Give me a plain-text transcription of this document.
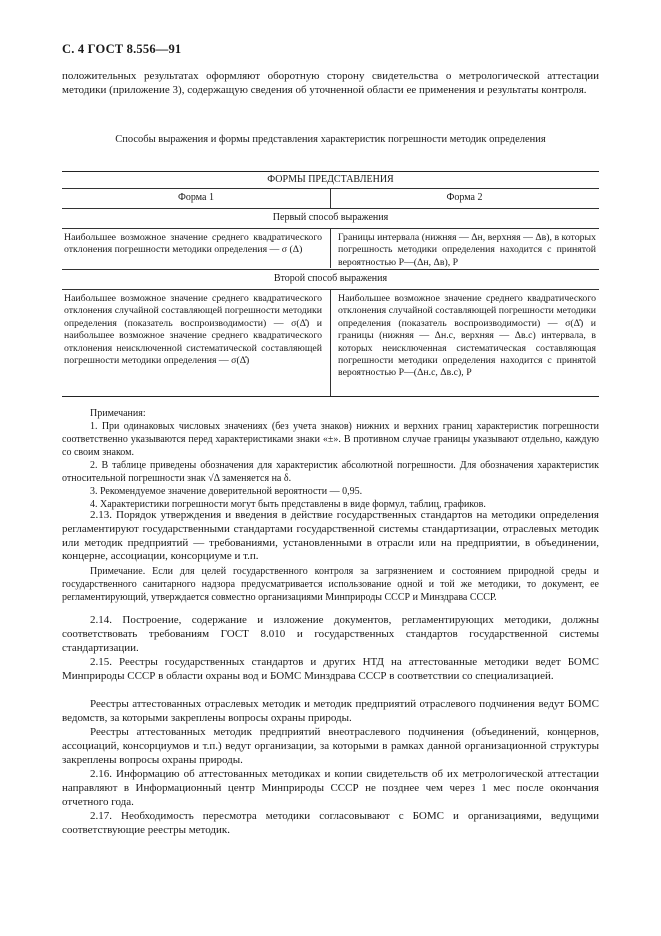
С. 4 ГОСТ 8.556—91
положительных результатах оформляют оборотную сторону свидетельства о метрологической аттестации методики (приложение 3), содержащую сведения об уточненной области ее применения и результаты контроля.
Способы выражения и формы представления характеристик погрешности методик определения
ФОРМЫ ПРЕДСТАВЛЕНИЯ
Форма 1	Форма 2
Первый способ выражения
Наибольшее возможное значение среднего квадратического отклонения погрешности методики определения — σ (Δ)
Границы интервала (нижняя — Δн, верхняя — Δв), в которых погрешность методики определения находится с принятой вероятностью P—(Δн, Δв), P
Второй способ выражения
Наибольшее возможное значение среднего квадратического отклонения случайной составляющей погрешности методики определения (показатель воспроизводимости) — σ(Δ̊) и наибольшее возможное значение среднего квадратического отклонения неисключенной систематической составляющей погрешности методики определения — σ(Δ̊)
Наибольшее возможное значение среднего квадратического отклонения случайной составляющей погрешности методики определения (показатель воспроизводимости) — σ(Δ̊) и границы (нижняя — Δн.с, верхняя — Δв.с) интервала, в которых неисключенная систематическая составляющая погрешности методики определения находится с принятой вероятностью P—(Δн.с, Δв.с), P
Примечания:
1. При одинаковых числовых значениях (без учета знаков) нижних и верхних границ характеристик погрешности соответственно указываются перед характеристиками знаки «±». В противном случае границы указывают отдельно, каждую со своим знаком.
2. В таблице приведены обозначения для характеристик абсолютной погрешности. Для обозначения характеристик относительной погрешности знак √Δ заменяется на δ.
3. Рекомендуемое значение доверительной вероятности — 0,95.
4. Характеристики погрешности могут быть представлены в виде формул, таблиц, графиков.
2.13. Порядок утверждения и введения в действие государственных стандартов на методики определения регламентируют государственными стандартами государственной системы стандартизации, отраслевых методик или методик предприятий — требованиями, установленными в отрасли или на предприятии, в объединении, концерне, ассоциации, консорциуме и т.п.
Примечание. Если для целей государственного контроля за загрязнением и состоянием природной среды и государственного санитарного надзора предусматривается использование одной и той же методики, то документ, ее регламентирующий, утверждается совместно организациями Минприроды СССР и Минздрава СССР.
2.14. Построение, содержание и изложение документов, регламентирующих методики, должны соответствовать требованиям ГОСТ 8.010 и государственных стандартов государственной системы стандартизации.
2.15. Реестры государственных стандартов и других НТД на аттестованные методики ведет БОМС Минприроды СССР в области охраны вод и БОМС Минздрава СССР в соответствии со специализацией.
Реестры аттестованных отраслевых методик и методик предприятий отраслевого подчинения ведут БОМС ведомств, за которыми закреплены вопросы охраны природы.
Реестры аттестованных методик предприятий внеотраслевого подчинения (объединений, концернов, ассоциаций, консорциумов и т.п.) ведут организации, за которыми в рамках данной организационной структуры закреплены вопросы охраны природы.
2.16. Информацию об аттестованных методиках и копии свидетельств об их метрологической аттестации направляют в Информационный центр Минприроды СССР не позднее чем через 1 мес после окончания отчетного года.
2.17. Необходимость пересмотра методики согласовывают с БОМС и организациями, ведущими соответствующие реестры методик.
